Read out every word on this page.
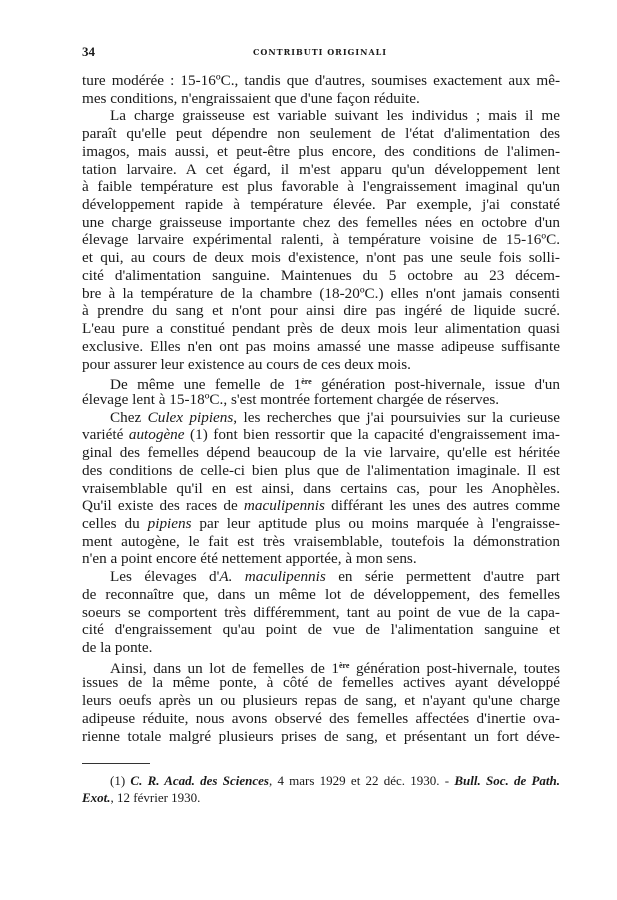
34	CONTRIBUTI ORIGINALI
ture modérée : 15-16ºC., tandis que d'autres, soumises exactement aux mê-
mes conditions, n'engraissaient que d'une façon réduite.
La charge graisseuse est variable suivant les individus ; mais il me
paraît qu'elle peut dépendre non seulement de l'état d'alimentation des
imagos, mais aussi, et peut-être plus encore, des conditions de l'alimen-
tation larvaire. A cet égard, il m'est apparu qu'un développement lent
à faible température est plus favorable à l'engraissement imaginal qu'un
développement rapide à température élevée. Par exemple, j'ai constaté
une charge graisseuse importante chez des femelles nées en octobre d'un
élevage larvaire expérimental ralenti, à température voisine de 15-16ºC.
et qui, au cours de deux mois d'existence, n'ont pas une seule fois solli-
cité d'alimentation sanguine. Maintenues du 5 octobre au 23 décem-
bre à la température de la chambre (18-20ºC.) elles n'ont jamais consenti
à prendre du sang et n'ont pour ainsi dire pas ingéré de liquide sucré.
L'eau pure a constitué pendant près de deux mois leur alimentation quasi
exclusive. Elles n'en ont pas moins amassé une masse adipeuse suffisante
pour assurer leur existence au cours de ces deux mois.
De même une femelle de 1ère génération post-hivernale, issue d'un
élevage lent à 15-18ºC., s'est montrée fortement chargée de réserves.
Chez Culex pipiens, les recherches que j'ai poursuivies sur la curieuse
variété autogène (1) font bien ressortir que la capacité d'engraissement ima-
ginal des femelles dépend beaucoup de la vie larvaire, qu'elle est héritée
des conditions de celle-ci bien plus que de l'alimentation imaginale. Il est
vraisemblable qu'il en est ainsi, dans certains cas, pour les Anophèles.
Qu'il existe des races de maculipennis différant les unes des autres comme
celles du pipiens par leur aptitude plus ou moins marquée à l'engraisse-
ment autogène, le fait est très vraisemblable, toutefois la démonstration
n'en a point encore été nettement apportée, à mon sens.
Les élevages d'A. maculipennis en série permettent d'autre part
de reconnaître que, dans un même lot de développement, des femelles
soeurs se comportent très différemment, tant au point de vue de la capa-
cité d'engraissement qu'au point de vue de l'alimentation sanguine et
de la ponte.
Ainsi, dans un lot de femelles de 1ère génération post-hivernale, toutes
issues de la même ponte, à côté de femelles actives ayant développé
leurs oeufs après un ou plusieurs repas de sang, et n'ayant qu'une charge
adipeuse réduite, nous avons observé des femelles affectées d'inertie ova-
rienne totale malgré plusieurs prises de sang, et présentant un fort déve-
(1) C. R. Acad. des Sciences, 4 mars 1929 et 22 déc. 1930. - Bull. Soc. de Path.
Exot., 12 février 1930.
